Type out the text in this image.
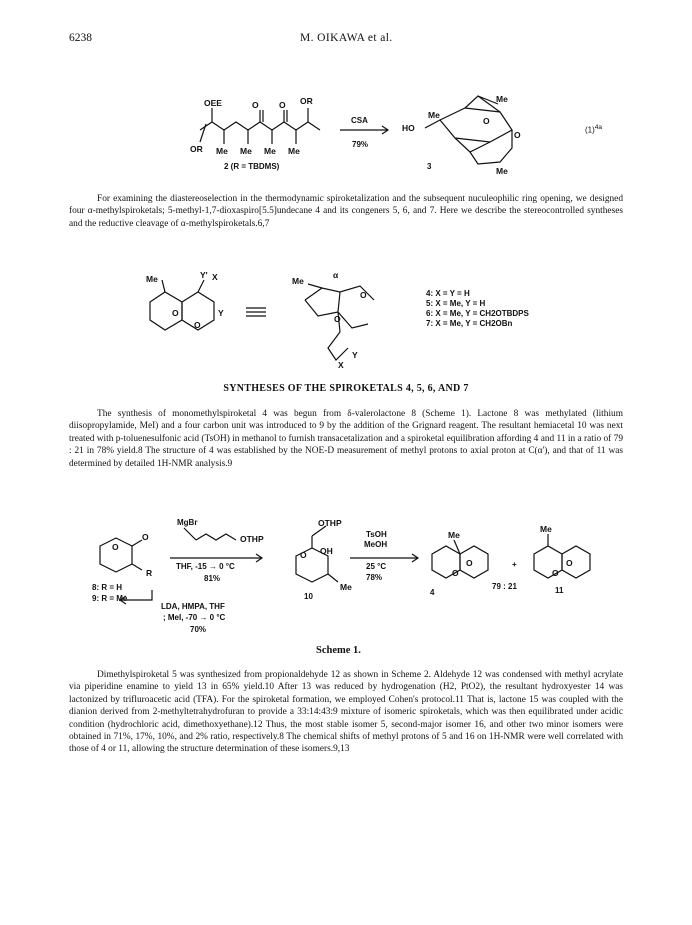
6238	M. OIKAWA et al.
OEE	OR
O O
OR Me Me Me Me
HO
Me
O
O
Me
Me
CSA
79%
2 (R = TBDMS)	3
$(1)^{4a}$

For examining the diastereoselection in the thermodynamic spiroketalization and the subsequent nuculeophilic ring opening, we designed four α-methylspiroketals; 5-methyl-1,7-dioxaspiro[5.5]undecane 4 and its congeners 5, 6, and 7. Here we describe the stereocontrolled syntheses and the reductive cleavage of α-methylspiroketals.6,7

Me	Y' X
O
O
Y
Me
α
O
O
X
Y
4: X = Y = H
5: X = Me, Y = H
6: X = Me, Y = CH2OTBDPS
7: X = Me, Y = CH2OBn
SYNTHESES OF THE SPIROKETALS 4, 5, 6, AND 7

The synthesis of monomethylspiroketal 4 was begun from δ-valerolactone 8 (Scheme 1). Lactone 8 was methylated (lithium diisopropylamide, MeI) and a four carbon unit was introduced to 9 by the addition of the Grignard reagent. The resultant hemiacetal 10 was next treated with p-toluenesulfonic acid (TsOH) in methanol to furnish transacetalization and a spiroketal equilibration affording 4 and 11 in a ratio of 79 : 21 in 78% yield.8 The structure of 4 was established by the NOE-D measurement of methyl protons to axial proton at C(α'), and that of 11 was determined by detailed 1H-NMR analysis.9

O
O
R
OTHP
OH
O
Me
OTHP
Me
O
O
Me
O
O
MgBr
THF, -15 → 0 °C
81%
8: R = H
9: R = Me
LDA, HMPA, THF
; MeI, -70 → 0 °C
70%
10
TsOH
MeOH
25 °C
78%
4
+
79 : 21	11
Scheme 1.

Dimethylspiroketal 5 was synthesized from propionaldehyde 12 as shown in Scheme 2. Aldehyde 12 was condensed with methyl acrylate via piperidine enamine to yield 13 in 65% yield.10 After 13 was reduced by hydrogenation (H2, PtO2), the resultant hydroxyester 14 was lactonized by trifluroacetic acid (TFA). For the spiroketal formation, we employed Cohen's protocol.11 That is, lactone 15 was coupled with the dianion derived from 2-methyltetrahydrofuran to provide a 33:14:43:9 mixture of isomeric spiroketals, which was then equilibrated under acidic condition (hydrochloric acid, dimethoxyethane).12 Thus, the most stable isomer 5, second-major isomer 16, and other two minor isomers were obtained in 71%, 17%, 10%, and 2% ratio, respectively.8 The chemical shifts of methyl protons of 5 and 16 on 1H-NMR were well correlated with those of 4 or 11, allowing the structure determination of these isomers.9,13
